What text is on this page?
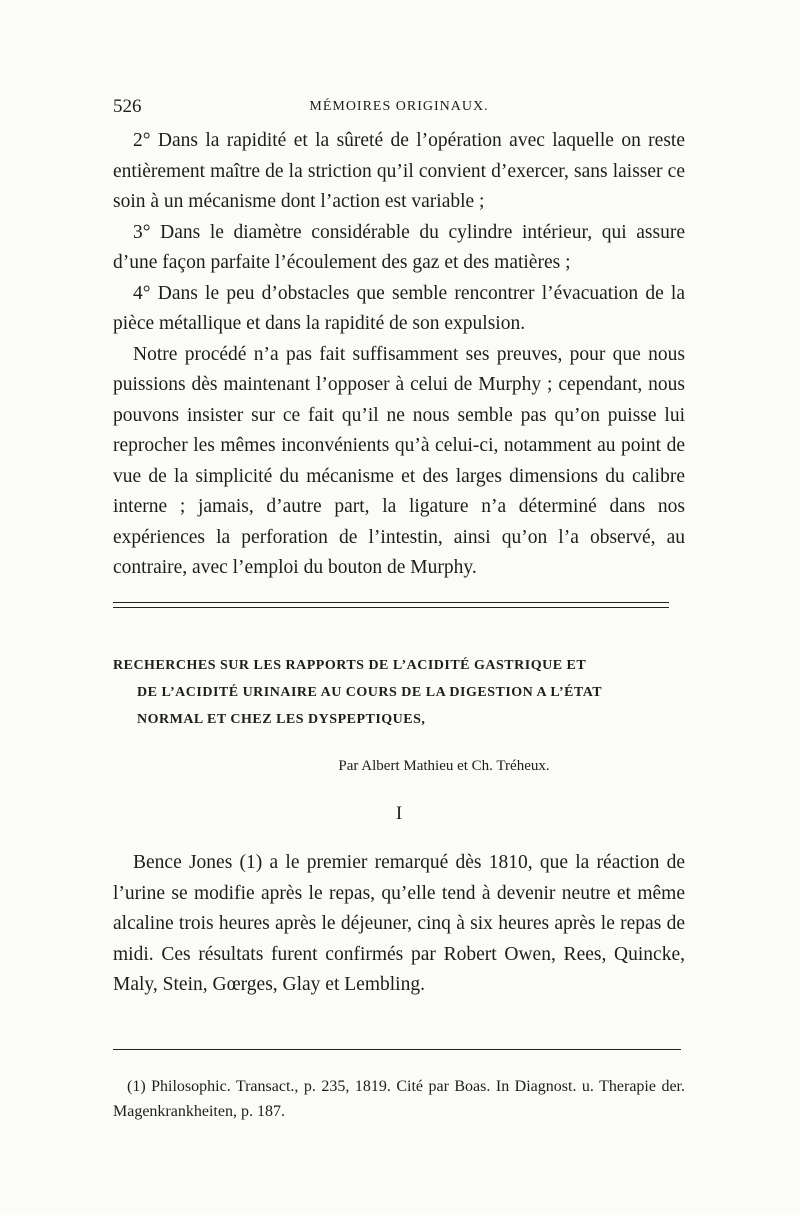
526	MÉMOIRES ORIGINAUX.

2° Dans la rapidité et la sûreté de l’opération avec laquelle on reste entièrement maître de la striction qu’il convient d’exercer, sans laisser ce soin à un mécanisme dont l’action est variable ;

3° Dans le diamètre considérable du cylindre intérieur, qui assure d’une façon parfaite l’écoulement des gaz et des matières ;

4° Dans le peu d’obstacles que semble rencontrer l’évacuation de la pièce métallique et dans la rapidité de son expulsion.

Notre procédé n’a pas fait suffisamment ses preuves, pour que nous puissions dès maintenant l’opposer à celui de Murphy ; cependant, nous pouvons insister sur ce fait qu’il ne nous semble pas qu’on puisse lui reprocher les mêmes inconvénients qu’à celui-ci, notamment au point de vue de la simplicité du mécanisme et des larges dimensions du calibre interne ; jamais, d’autre part, la ligature n’a déterminé dans nos expériences la perforation de l’intestin, ainsi qu’on l’a observé, au contraire, avec l’emploi du bouton de Murphy.

RECHERCHES SUR LES RAPPORTS DE L’ACIDITÉ GASTRIQUE ET
DE L’ACIDITÉ URINAIRE AU COURS DE LA DIGESTION A L’ÉTAT
NORMAL ET CHEZ LES DYSPEPTIQUES,
Par Albert Mathieu et Ch. Tréheux.
I

Bence Jones (1) a le premier remarqué dès 1810, que la réaction de l’urine se modifie après le repas, qu’elle tend à devenir neutre et même alcaline trois heures après le déjeuner, cinq à six heures après le repas de midi. Ces résultats furent confirmés par Robert Owen, Rees, Quincke, Maly, Stein, Gœrges, Glay et Lembling.

(1) Philosophic. Transact., p. 235, 1819. Cité par Boas. In Diagnost. u. Therapie der. Magenkrankheiten, p. 187.
